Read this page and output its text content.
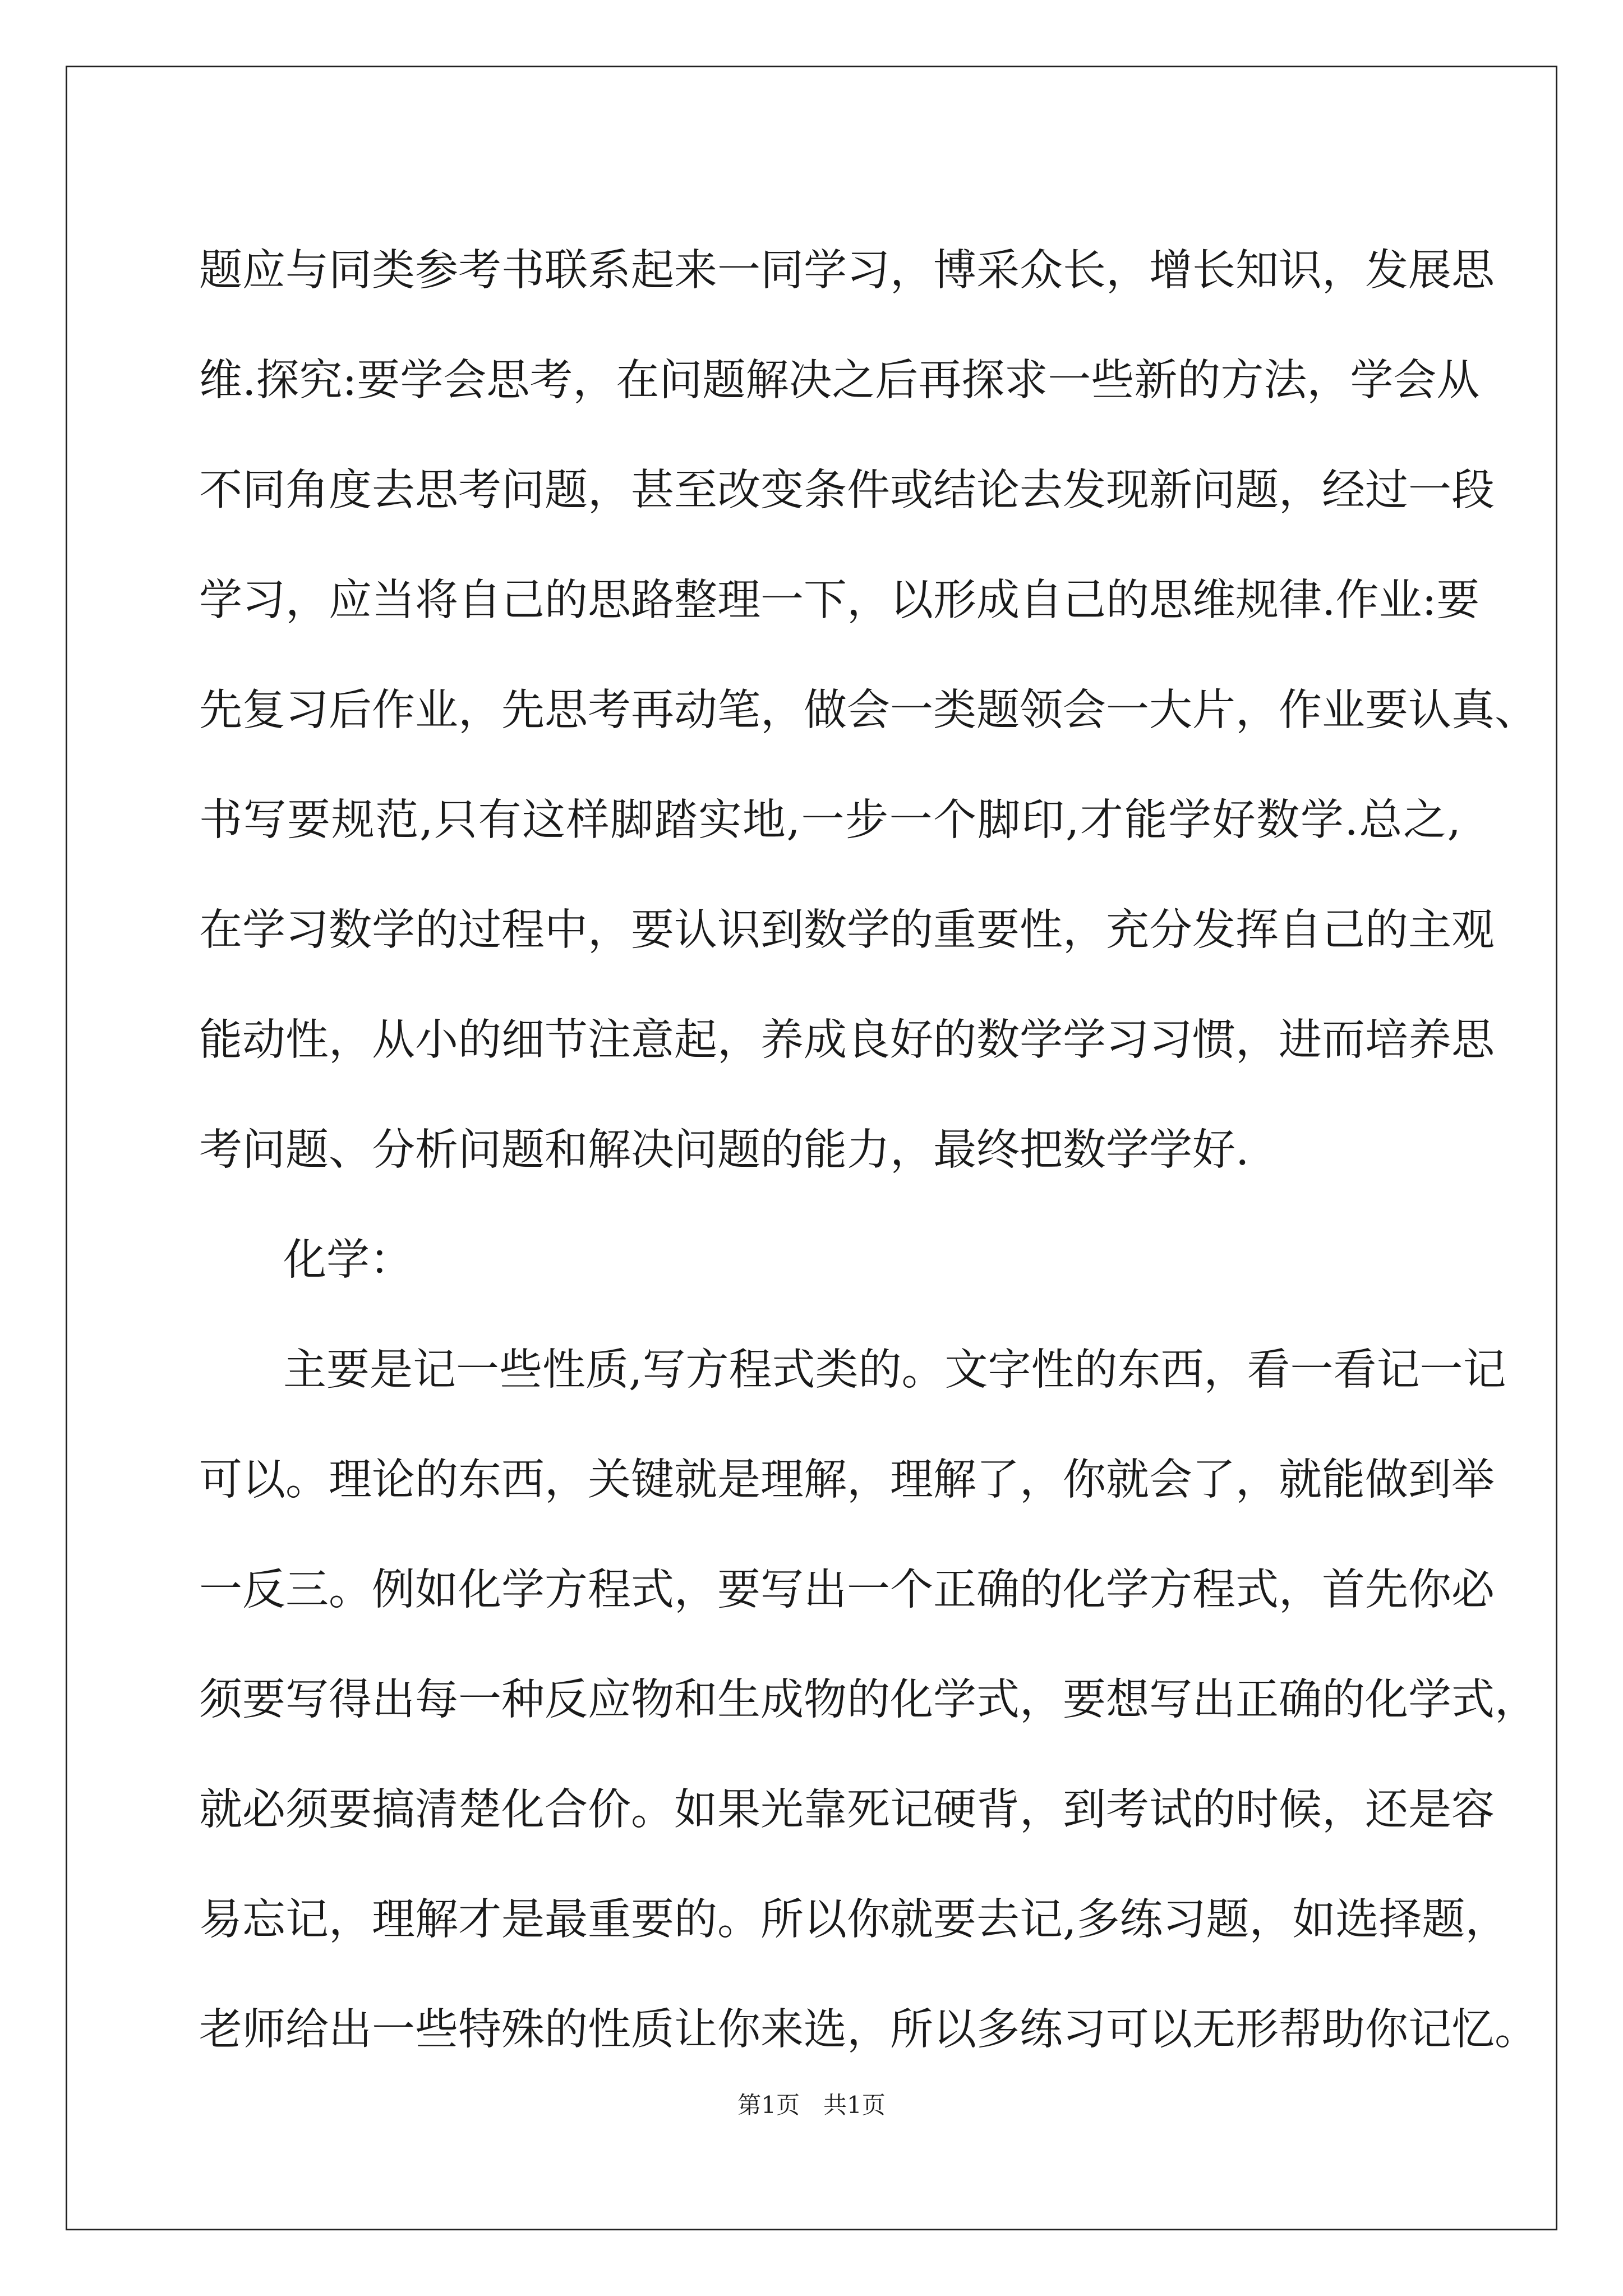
题应与同类参考书联系起来一同学习，博采众长，增长知识，发展思
维.探究:要学会思考，在问题解决之后再探求一些新的方法，学会从
不同角度去思考问题，甚至改变条件或结论去发现新问题，经过一段
学习，应当将自己的思路整理一下，以形成自己的思维规律.作业:要
先复习后作业，先思考再动笔，做会一类题领会一大片，作业要认真、
书写要规范,只有这样脚踏实地,一步一个脚印,才能学好数学.总之,
在学习数学的过程中，要认识到数学的重要性，充分发挥自己的主观
能动性，从小的细节注意起，养成良好的数学学习习惯，进而培养思
考问题、分析问题和解决问题的能力，最终把数学学好.
化学：
主要是记一些性质,写方程式类的。文字性的东西，看一看记一记
可以。理论的东西，关键就是理解，理解了，你就会了，就能做到举
一反三。例如化学方程式，要写出一个正确的化学方程式，首先你必
须要写得出每一种反应物和生成物的化学式，要想写出正确的化学式，
就必须要搞清楚化合价。如果光靠死记硬背，到考试的时候，还是容
易忘记，理解才是最重要的。所以你就要去记,多练习题，如选择题，
老师给出一些特殊的性质让你来选，所以多练习可以无形帮助你记忆。
第1页　共1页
